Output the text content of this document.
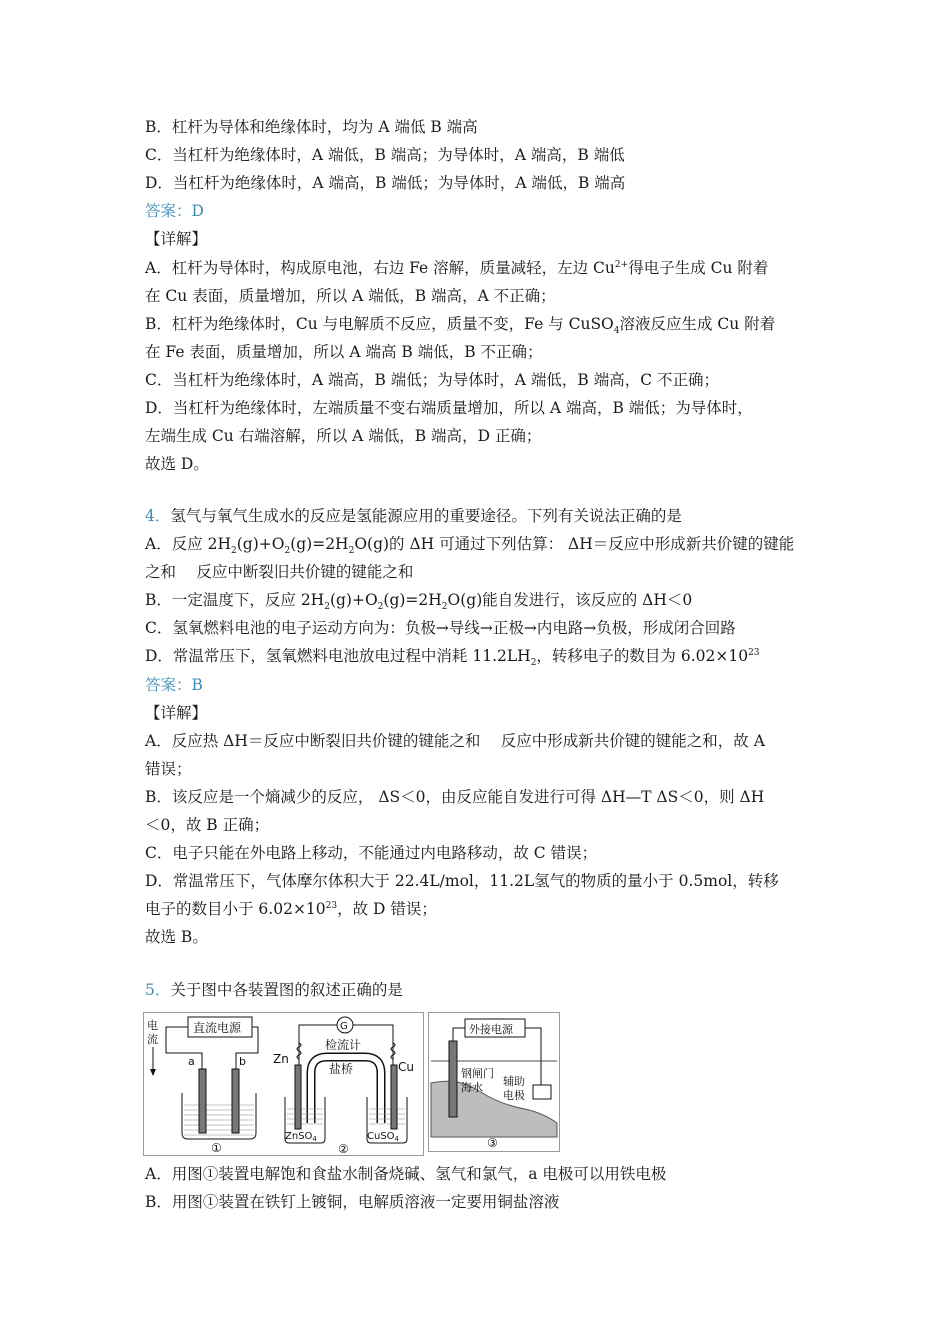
B．杠杆为导体和绝缘体时，均为 A 端低 B 端高
C．当杠杆为绝缘体时，A 端低，B 端高；为导体时，A 端高，B 端低
D．当杠杆为绝缘体时，A 端高，B 端低；为导体时，A 端低，B 端高
答案：D
【详解】
A．杠杆为导体时，构成原电池，右边 Fe 溶解，质量减轻，左边 $Cu^{2+}$得电子生成 Cu 附着
在 Cu 表面，质量增加，所以 A 端低，B 端高，A 不正确；
B．杠杆为绝缘体时，Cu 与电解质不反应，质量不变，Fe 与 CuSO$_4$溶液反应生成 Cu 附着
在 Fe 表面，质量增加，所以 A 端高 B 端低，B 不正确；
C．当杠杆为绝缘体时，A 端高，B 端低；为导体时，A 端低，B 端高，C 不正确；
D．当杠杆为绝缘体时，左端质量不变右端质量增加，所以 A 端高，B 端低；为导体时，
左端生成 Cu 右端溶解，所以 A 端低，B 端高，D 正确；
故选 D。
4．氢气与氧气生成水的反应是氢能源应用的重要途径。下列有关说法正确的是
A．反应 $2H_2(g)+O_2(g)=2H_2O(g)$的 ΔH 可通过下列估算： ΔH＝反应中形成新共价键的键能
之和 　反应中断裂旧共价键的键能之和
B．一定温度下，反应 $2H_2(g)+O_2(g)=2H_2O(g)$能自发进行，该反应的 ΔH＜0
C．氢氧燃料电池的电子运动方向为：负极→导线→正极→内电路→负极，形成闭合回路
D．常温常压下，氢氧燃料电池放电过程中消耗 $11.2LH_2$，转移电子的数目为 $6.02\times 10^{23}$
答案：B
【详解】
A．反应热 ΔH＝反应中断裂旧共价键的键能之和 　反应中形成新共价键的键能之和，故 A
错误；
B．该反应是一个熵减少的反应， ΔS＜0，由反应能自发进行可得 ΔH—T ΔS＜0，则 ΔH
＜0，故 B 正确；
C．电子只能在外电路上移动，不能通过内电路移动，故 C 错误；
D．常温常压下，气体摩尔体积大于 22.4L/mol，11.2L氢气的物质的量小于 0.5mol，转移
电子的数目小于 $6.02\times 10^{23}$，故 D 错误；
故选 B。
5．关于图中各装置图的叙述正确的是
电
流
直流电源
a	b
①
G
检流计
Zn
Cu
盐桥
ZnSO$_4$	CuSO$_4$
②
外接电源
钢闸门
海水 辅助
电极
③
A．用图①装置电解饱和食盐水制备烧碱、氢气和氯气，a 电极可以用铁电极
B．用图①装置在铁钉上镀铜，电解质溶液一定要用铜盐溶液
